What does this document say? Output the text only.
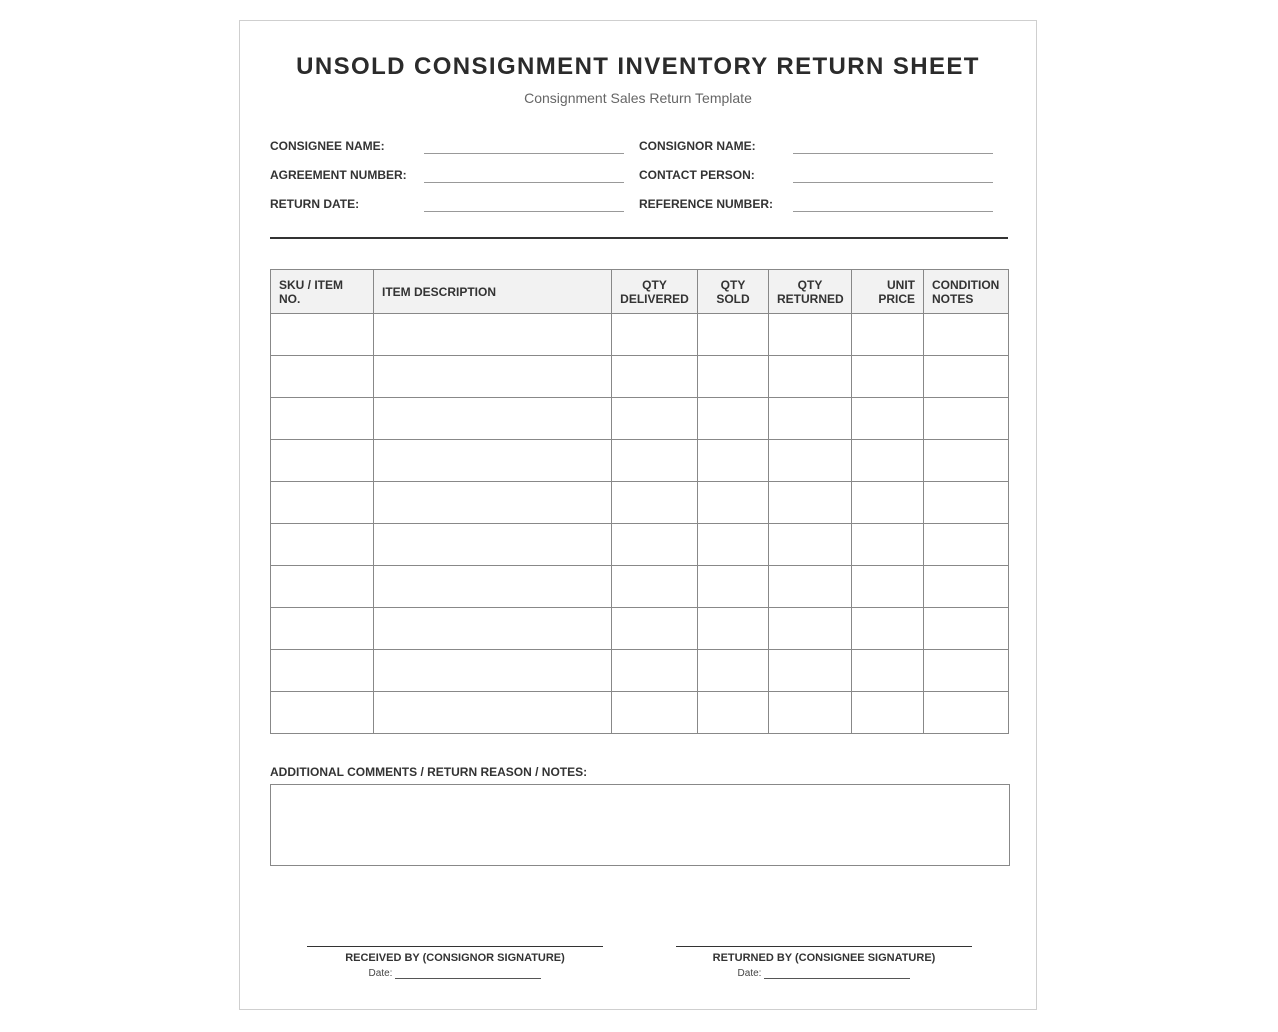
UNSOLD CONSIGNMENT INVENTORY RETURN SHEET
Consignment Sales Return Template
CONSIGNEE NAME:
AGREEMENT NUMBER:
RETURN DATE:
CONSIGNOR NAME:
CONTACT PERSON:
REFERENCE NUMBER:
SKU / ITEM NO.	ITEM DESCRIPTION	QTY DELIVERED	QTY SOLD	QTY RETURNED	UNIT PRICE	CONDITION NOTES

ADDITIONAL COMMENTS / RETURN REASON / NOTES:
RECEIVED BY (CONSIGNOR SIGNATURE)
Date:
RETURNED BY (CONSIGNEE SIGNATURE)
Date:
